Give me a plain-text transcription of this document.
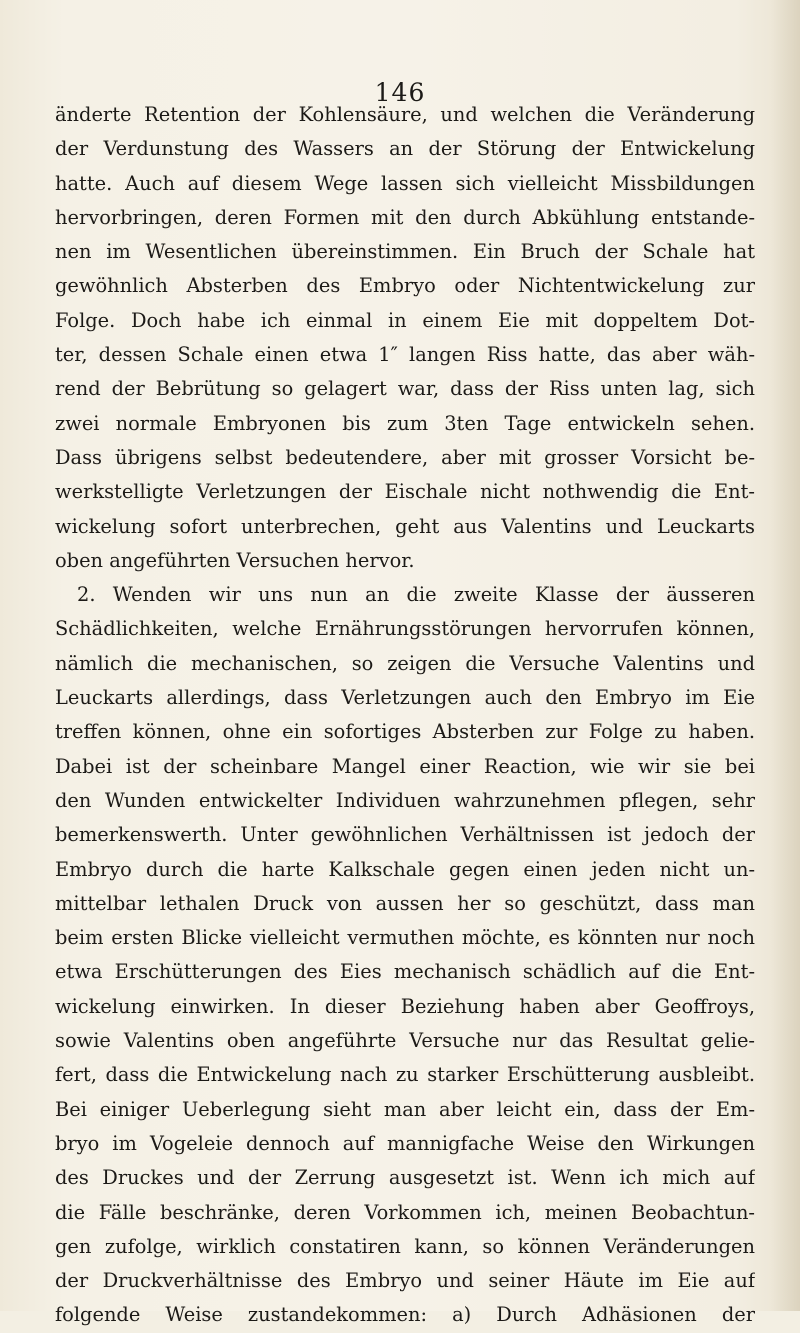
146
änderte Retention der Kohlensäure, und welchen die Veränderung
der Verdunstung des Wassers an der Störung der Entwickelung
hatte. Auch auf diesem Wege lassen sich vielleicht Missbildungen
hervorbringen, deren Formen mit den durch Abkühlung entstande-
nen im Wesentlichen übereinstimmen. Ein Bruch der Schale hat
gewöhnlich Absterben des Embryo oder Nichtentwickelung zur
Folge. Doch habe ich einmal in einem Eie mit doppeltem Dot-
ter, dessen Schale einen etwa 1″ langen Riss hatte, das aber wäh-
rend der Bebrütung so gelagert war, dass der Riss unten lag, sich
zwei normale Embryonen bis zum 3ten Tage entwickeln sehen.
Dass übrigens selbst bedeutendere, aber mit grosser Vorsicht be-
werkstelligte Verletzungen der Eischale nicht nothwendig die Ent-
wickelung sofort unterbrechen, geht aus Valentins und Leuckarts
oben angeführten Versuchen hervor.
2. Wenden wir uns nun an die zweite Klasse der äusseren
Schädlichkeiten, welche Ernährungsstörungen hervorrufen können,
nämlich die mechanischen, so zeigen die Versuche Valentins und
Leuckarts allerdings, dass Verletzungen auch den Embryo im Eie
treffen können, ohne ein sofortiges Absterben zur Folge zu haben.
Dabei ist der scheinbare Mangel einer Reaction, wie wir sie bei
den Wunden entwickelter Individuen wahrzunehmen pflegen, sehr
bemerkenswerth. Unter gewöhnlichen Verhältnissen ist jedoch der
Embryo durch die harte Kalkschale gegen einen jeden nicht un-
mittelbar lethalen Druck von aussen her so geschützt, dass man
beim ersten Blicke vielleicht vermuthen möchte, es könnten nur noch
etwa Erschütterungen des Eies mechanisch schädlich auf die Ent-
wickelung einwirken. In dieser Beziehung haben aber Geoffroys,
sowie Valentins oben angeführte Versuche nur das Resultat gelie-
fert, dass die Entwickelung nach zu starker Erschütterung ausbleibt.
Bei einiger Ueberlegung sieht man aber leicht ein, dass der Em-
bryo im Vogeleie dennoch auf mannigfache Weise den Wirkungen
des Druckes und der Zerrung ausgesetzt ist. Wenn ich mich auf
die Fälle beschränke, deren Vorkommen ich, meinen Beobachtun-
gen zufolge, wirklich constatiren kann, so können Veränderungen
der Druckverhältnisse des Embryo und seiner Häute im Eie auf
folgende Weise zustandekommen: a) Durch Adhäsionen der
